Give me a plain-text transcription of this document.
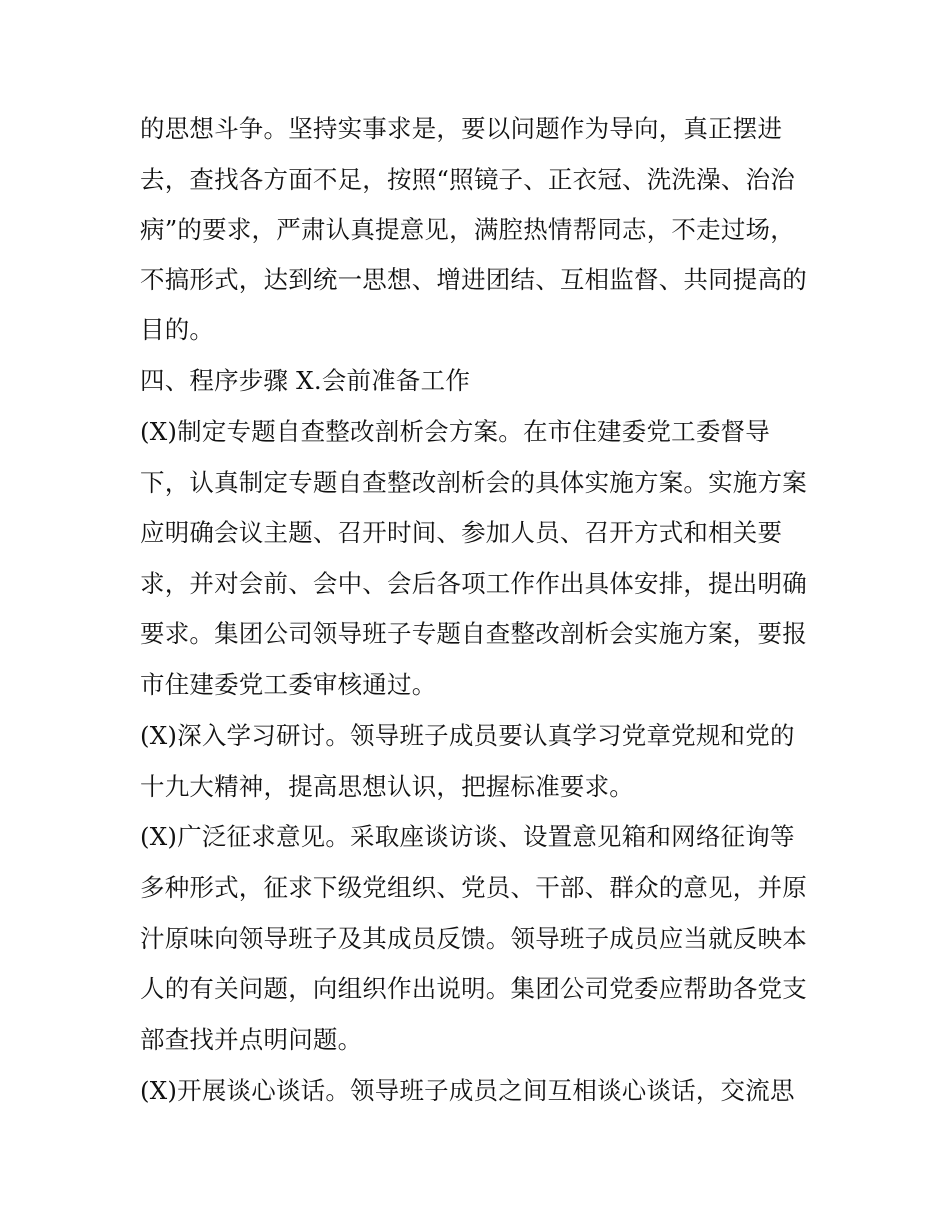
的思想斗争。坚持实事求是，要以问题作为导向，真正摆进
去，查找各方面不足，按照“照镜子、正衣冠、洗洗澡、治治
病”的要求，严肃认真提意见，满腔热情帮同志，不走过场，
不搞形式，达到统一思想、增进团结、互相监督、共同提高的
目的。
四、程序步骤 X.会前准备工作
(X)制定专题自查整改剖析会方案。在市住建委党工委督导
下，认真制定专题自查整改剖析会的具体实施方案。实施方案
应明确会议主题、召开时间、参加人员、召开方式和相关要
求，并对会前、会中、会后各项工作作出具体安排，提出明确
要求。集团公司领导班子专题自查整改剖析会实施方案，要报
市住建委党工委审核通过。
(X)深入学习研讨。领导班子成员要认真学习党章党规和党的
十九大精神，提高思想认识，把握标准要求。
(X)广泛征求意见。采取座谈访谈、设置意见箱和网络征询等
多种形式，征求下级党组织、党员、干部、群众的意见，并原
汁原味向领导班子及其成员反馈。领导班子成员应当就反映本
人的有关问题，向组织作出说明。集团公司党委应帮助各党支
部查找并点明问题。
(X)开展谈心谈话。领导班子成员之间互相谈心谈话，交流思
